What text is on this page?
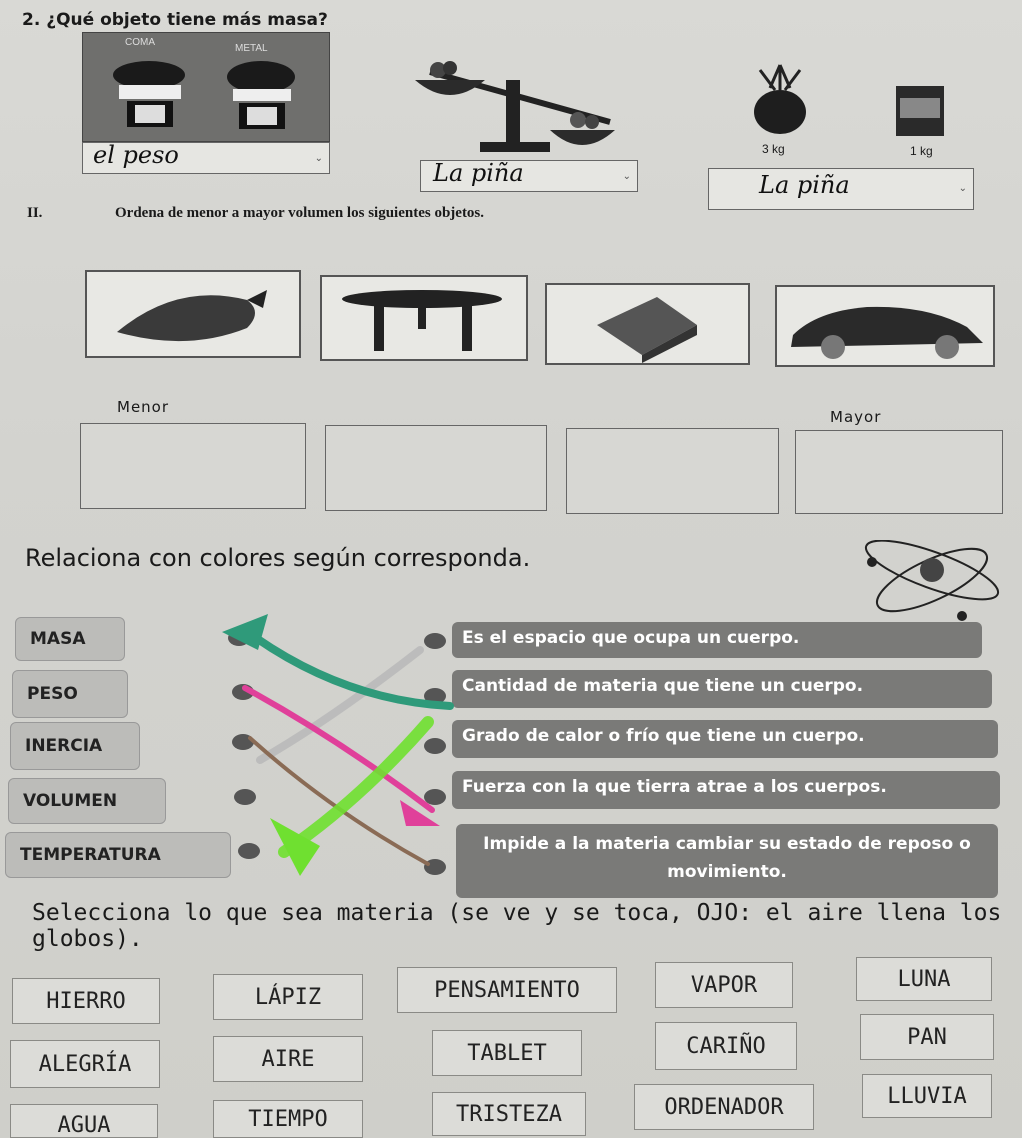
2. ¿Qué objeto tiene más masa?
COMA
METAL
el peso	⌄
La piña	⌄
3 kg	1 kg
La piña	⌄
II.	Ordena de menor a mayor volumen los siguientes objetos.
Menor
Mayor
Relaciona con colores según corresponda.
MASA
PESO
INERCIA
VOLUMEN
TEMPERATURA
Es el espacio que ocupa un cuerpo.
Cantidad de materia que tiene un cuerpo.
Grado de calor o frío que tiene un cuerpo.
Fuerza con la que tierra atrae a los cuerpos.
Impide a la materia cambiar su estado de reposo o movimiento.
Selecciona lo que sea materia (se ve y se toca, OJO: el aire llena los globos).
HIERRO	LÁPIZ	PENSAMIENTO	VAPOR	LUNA
ALEGRÍA	AIRE	TABLET	CARIÑO	PAN
AGUA	TIEMPO	TRISTEZA	ORDENADOR	LLUVIA
